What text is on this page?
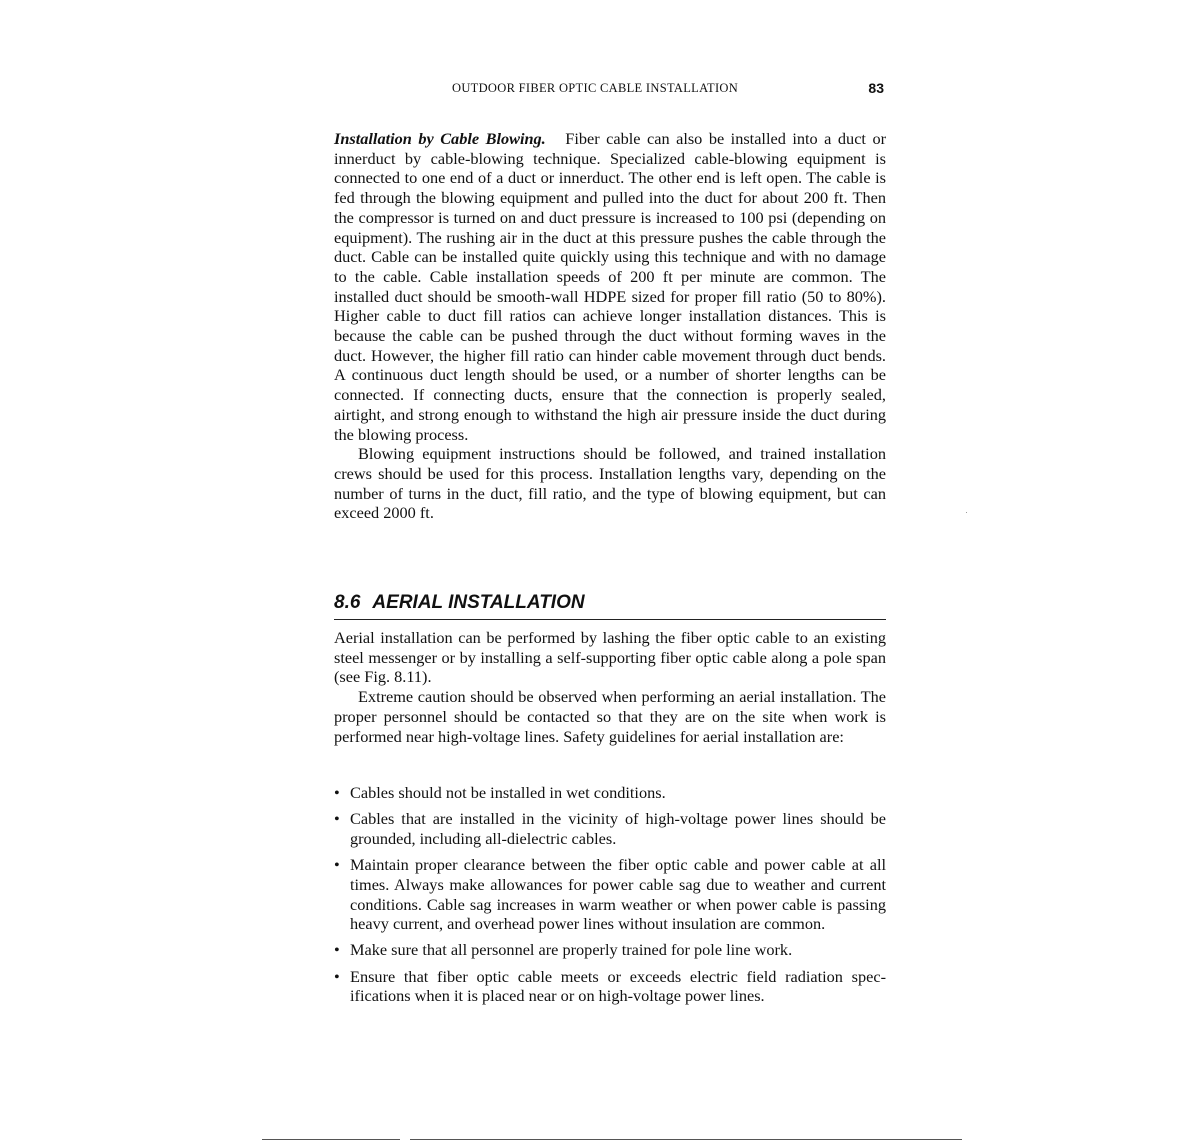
OUTDOOR FIBER OPTIC CABLE INSTALLATION	83

Installation by Cable Blowing. Fiber cable can also be installed into a duct or innerduct by cable-blowing technique. Specialized cable-blowing equipment is connected to one end of a duct or innerduct. The other end is left open. The cable is fed through the blowing equipment and pulled into the duct for about 200 ft. Then the compressor is turned on and duct pressure is increased to 100 psi (depending on equipment). The rushing air in the duct at this pressure pushes the cable through the duct. Cable can be installed quite quickly using this technique and with no damage to the cable. Cable installation speeds of 200 ft per minute are common. The installed duct should be smooth-wall HDPE sized for proper fill ratio (50 to 80%). Higher cable to duct fill ratios can achieve longer installation distances. This is because the cable can be pushed through the duct without forming waves in the duct. However, the higher fill ratio can hinder cable movement through duct bends. A continuous duct length should be used, or a number of shorter lengths can be connected. If connecting ducts, ensure that the connection is properly sealed, airtight, and strong enough to withstand the high air pressure inside the duct during the blowing process.

Blowing equipment instructions should be followed, and trained installation crews should be used for this process. Installation lengths vary, depending on the number of turns in the duct, fill ratio, and the type of blowing equipment, but can exceed 2000 ft.

8.6 AERIAL INSTALLATION

Aerial installation can be performed by lashing the fiber optic cable to an existing steel messenger or by installing a self-supporting fiber optic cable along a pole span (see Fig. 8.11).

Extreme caution should be observed when performing an aerial installation. The proper personnel should be contacted so that they are on the site when work is performed near high-voltage lines. Safety guidelines for aerial installation are:

• Cables should not be installed in wet conditions.
• Cables that are installed in the vicinity of high-voltage power lines should be grounded, including all-dielectric cables.
• Maintain proper clearance between the fiber optic cable and power cable at all times. Always make allowances for power cable sag due to weather and current conditions. Cable sag increases in warm weather or when power cable is passing heavy current, and overhead power lines without insulation are common.
• Make sure that all personnel are properly trained for pole line work.
• Ensure that fiber optic cable meets or exceeds electric field radiation specifications when it is placed near or on high-voltage power lines.
